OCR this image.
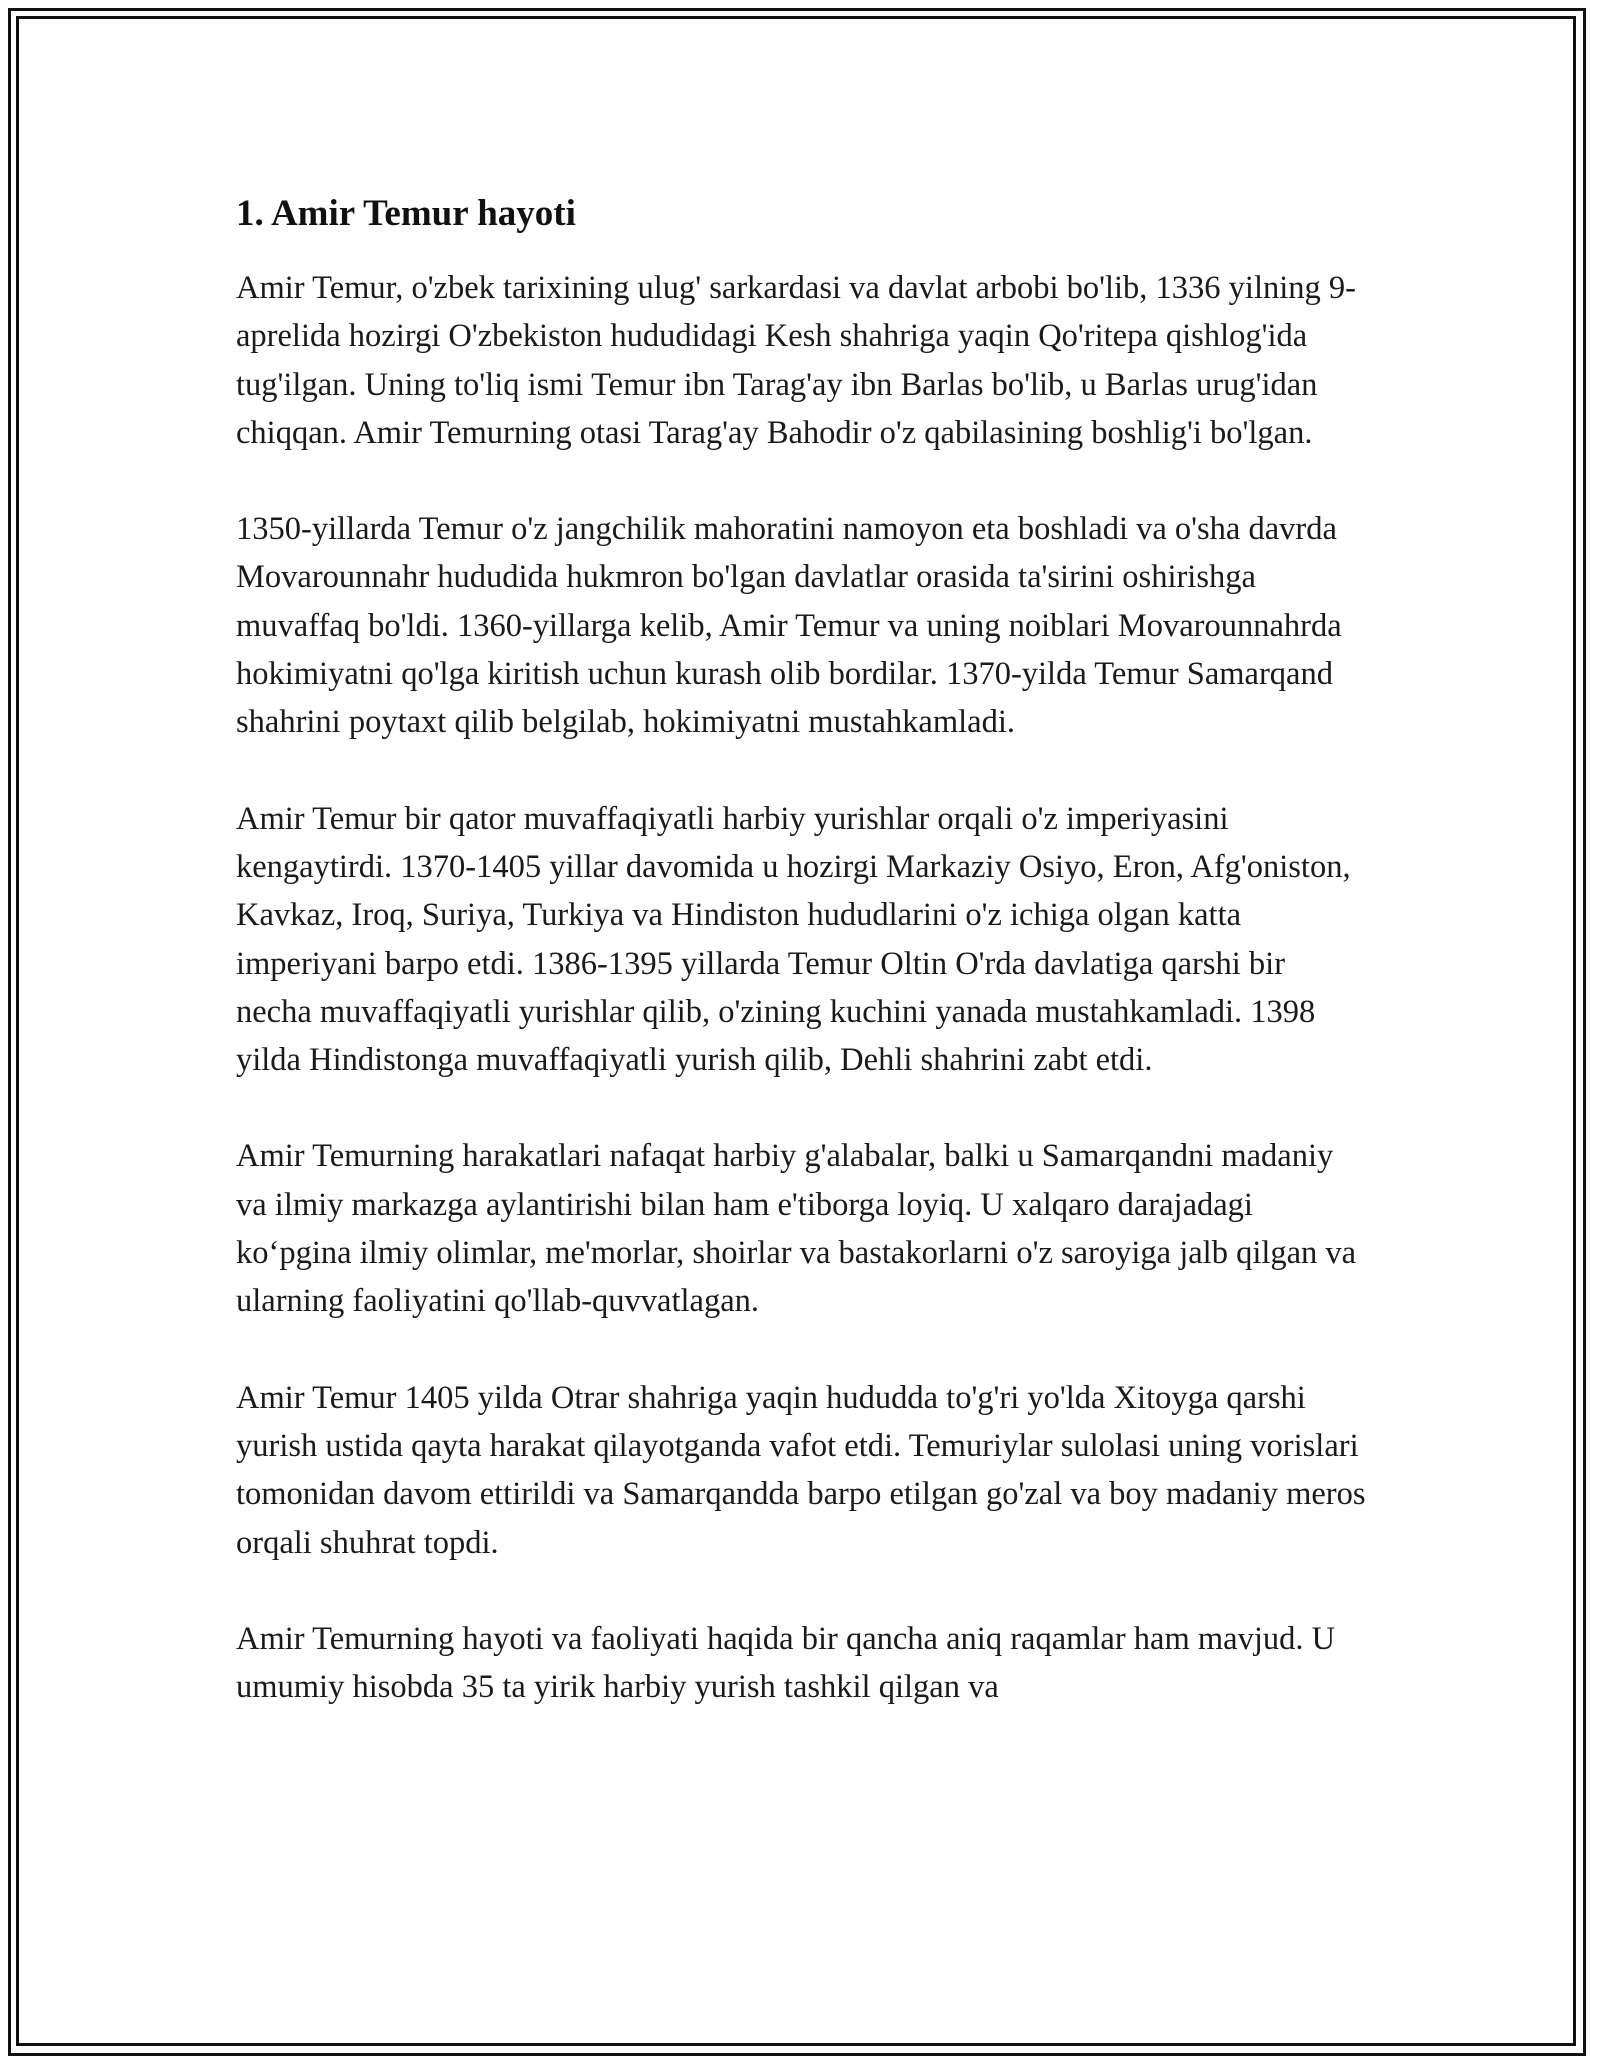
1. Amir Temur hayoti

Amir Temur, o'zbek tarixining ulug' sarkardasi va davlat arbobi bo'lib, 1336 yilning 9-aprelida hozirgi O'zbekiston hududidagi Kesh shahriga yaqin Qo'ritepa qishlog'ida tug'ilgan. Uning to'liq ismi Temur ibn Tarag'ay ibn Barlas bo'lib, u Barlas urug'idan chiqqan. Amir Temurning otasi Tarag'ay Bahodir o'z qabilasining boshlig'i bo'lgan.

1350-yillarda Temur o'z jangchilik mahoratini namoyon eta boshladi va o'sha davrda Movarounnahr hududida hukmron bo'lgan davlatlar orasida ta'sirini oshirishga muvaffaq bo'ldi. 1360-yillarga kelib, Amir Temur va uning noiblari Movarounnahrda hokimiyatni qo'lga kiritish uchun kurash olib bordilar. 1370-yilda Temur Samarqand shahrini poytaxt qilib belgilab, hokimiyatni mustahkamladi.

Amir Temur bir qator muvaffaqiyatli harbiy yurishlar orqali o'z imperiyasini kengaytirdi. 1370-1405 yillar davomida u hozirgi Markaziy Osiyo, Eron, Afg'oniston, Kavkaz, Iroq, Suriya, Turkiya va Hindiston hududlarini o'z ichiga olgan katta imperiyani barpo etdi. 1386-1395 yillarda Temur Oltin O'rda davlatiga qarshi bir necha muvaffaqiyatli yurishlar qilib, o'zining kuchini yanada mustahkamladi. 1398 yilda Hindistonga muvaffaqiyatli yurish qilib, Dehli shahrini zabt etdi.

Amir Temurning harakatlari nafaqat harbiy g'alabalar, balki u Samarqandni madaniy va ilmiy markazga aylantirishi bilan ham e'tiborga loyiq. U xalqaro darajadagi ko‘pgina ilmiy olimlar, me'morlar, shoirlar va bastakorlarni o'z saroyiga jalb qilgan va ularning faoliyatini qo'llab-quvvatlagan.

Amir Temur 1405 yilda Otrar shahriga yaqin hududda to'g'ri yo'lda Xitoyga qarshi yurish ustida qayta harakat qilayotganda vafot etdi. Temuriylar sulolasi uning vorislari tomonidan davom ettirildi va Samarqandda barpo etilgan go'zal va boy madaniy meros orqali shuhrat topdi.

Amir Temurning hayoti va faoliyati haqida bir qancha aniq raqamlar ham mavjud. U umumiy hisobda 35 ta yirik harbiy yurish tashkil qilgan va
